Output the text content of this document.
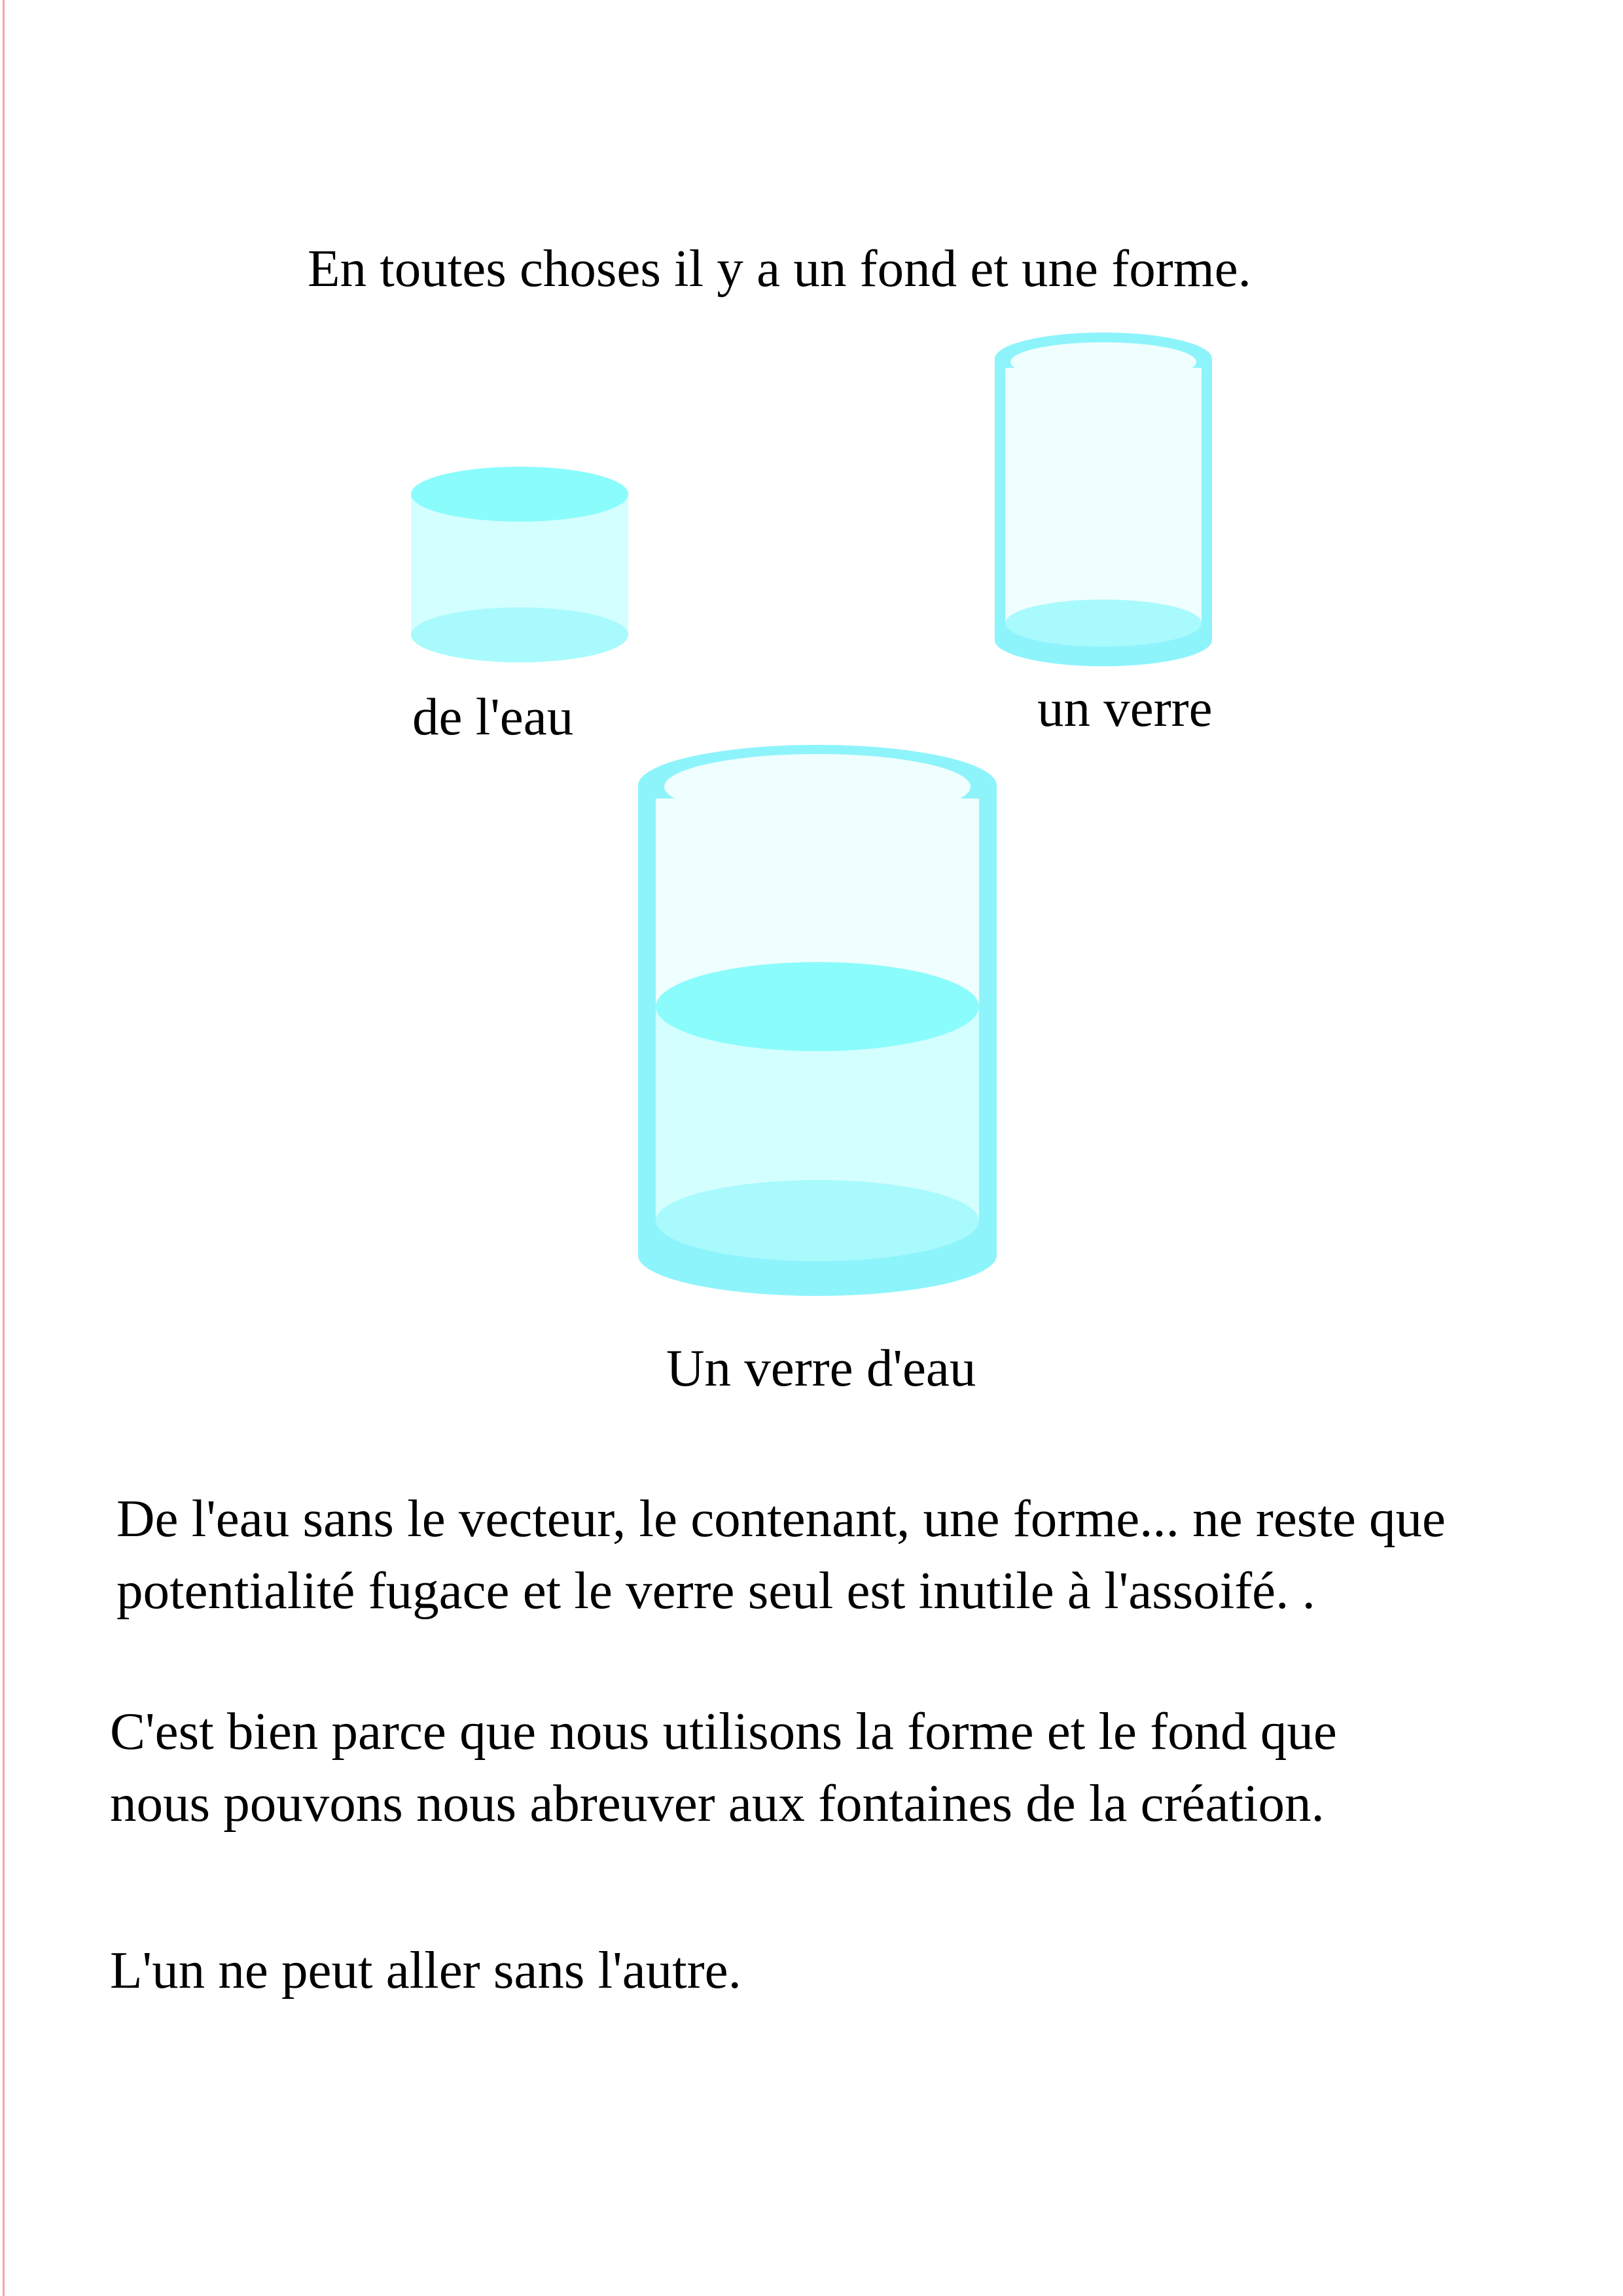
En toutes choses il y a un fond et une forme.
de l'eau	un verre
Un verre d'eau
De l'eau sans le vecteur, le contenant, une forme... ne reste que
potentialité fugace et le verre seul est inutile à l'assoifé. .
C'est bien parce que nous utilisons la forme et le fond que
nous pouvons nous abreuver aux fontaines de la création.
L'un ne peut aller sans l'autre.
